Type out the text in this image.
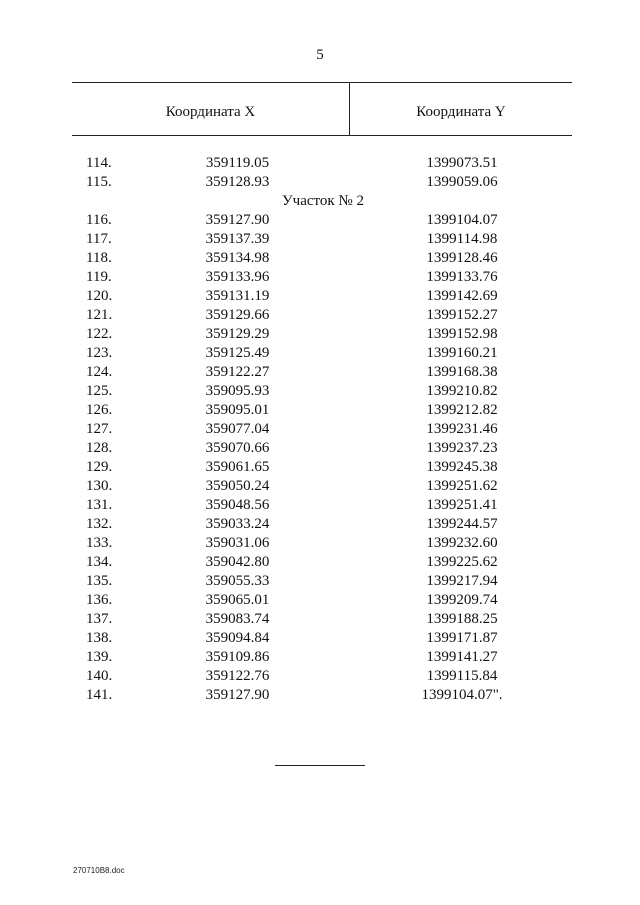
5
Координата X	Координата Y
114.	359119.05	1399073.51
115.	359128.93	1399059.06
Участок № 2
116.	359127.90	1399104.07
117.	359137.39	1399114.98
118.	359134.98	1399128.46
119.	359133.96	1399133.76
120.	359131.19	1399142.69
121.	359129.66	1399152.27
122.	359129.29	1399152.98
123.	359125.49	1399160.21
124.	359122.27	1399168.38
125.	359095.93	1399210.82
126.	359095.01	1399212.82
127.	359077.04	1399231.46
128.	359070.66	1399237.23
129.	359061.65	1399245.38
130.	359050.24	1399251.62
131.	359048.56	1399251.41
132.	359033.24	1399244.57
133.	359031.06	1399232.60
134.	359042.80	1399225.62
135.	359055.33	1399217.94
136.	359065.01	1399209.74
137.	359083.74	1399188.25
138.	359094.84	1399171.87
139.	359109.86	1399141.27
140.	359122.76	1399115.84
141.	359127.90	1399104.07".
270710B8.doc
